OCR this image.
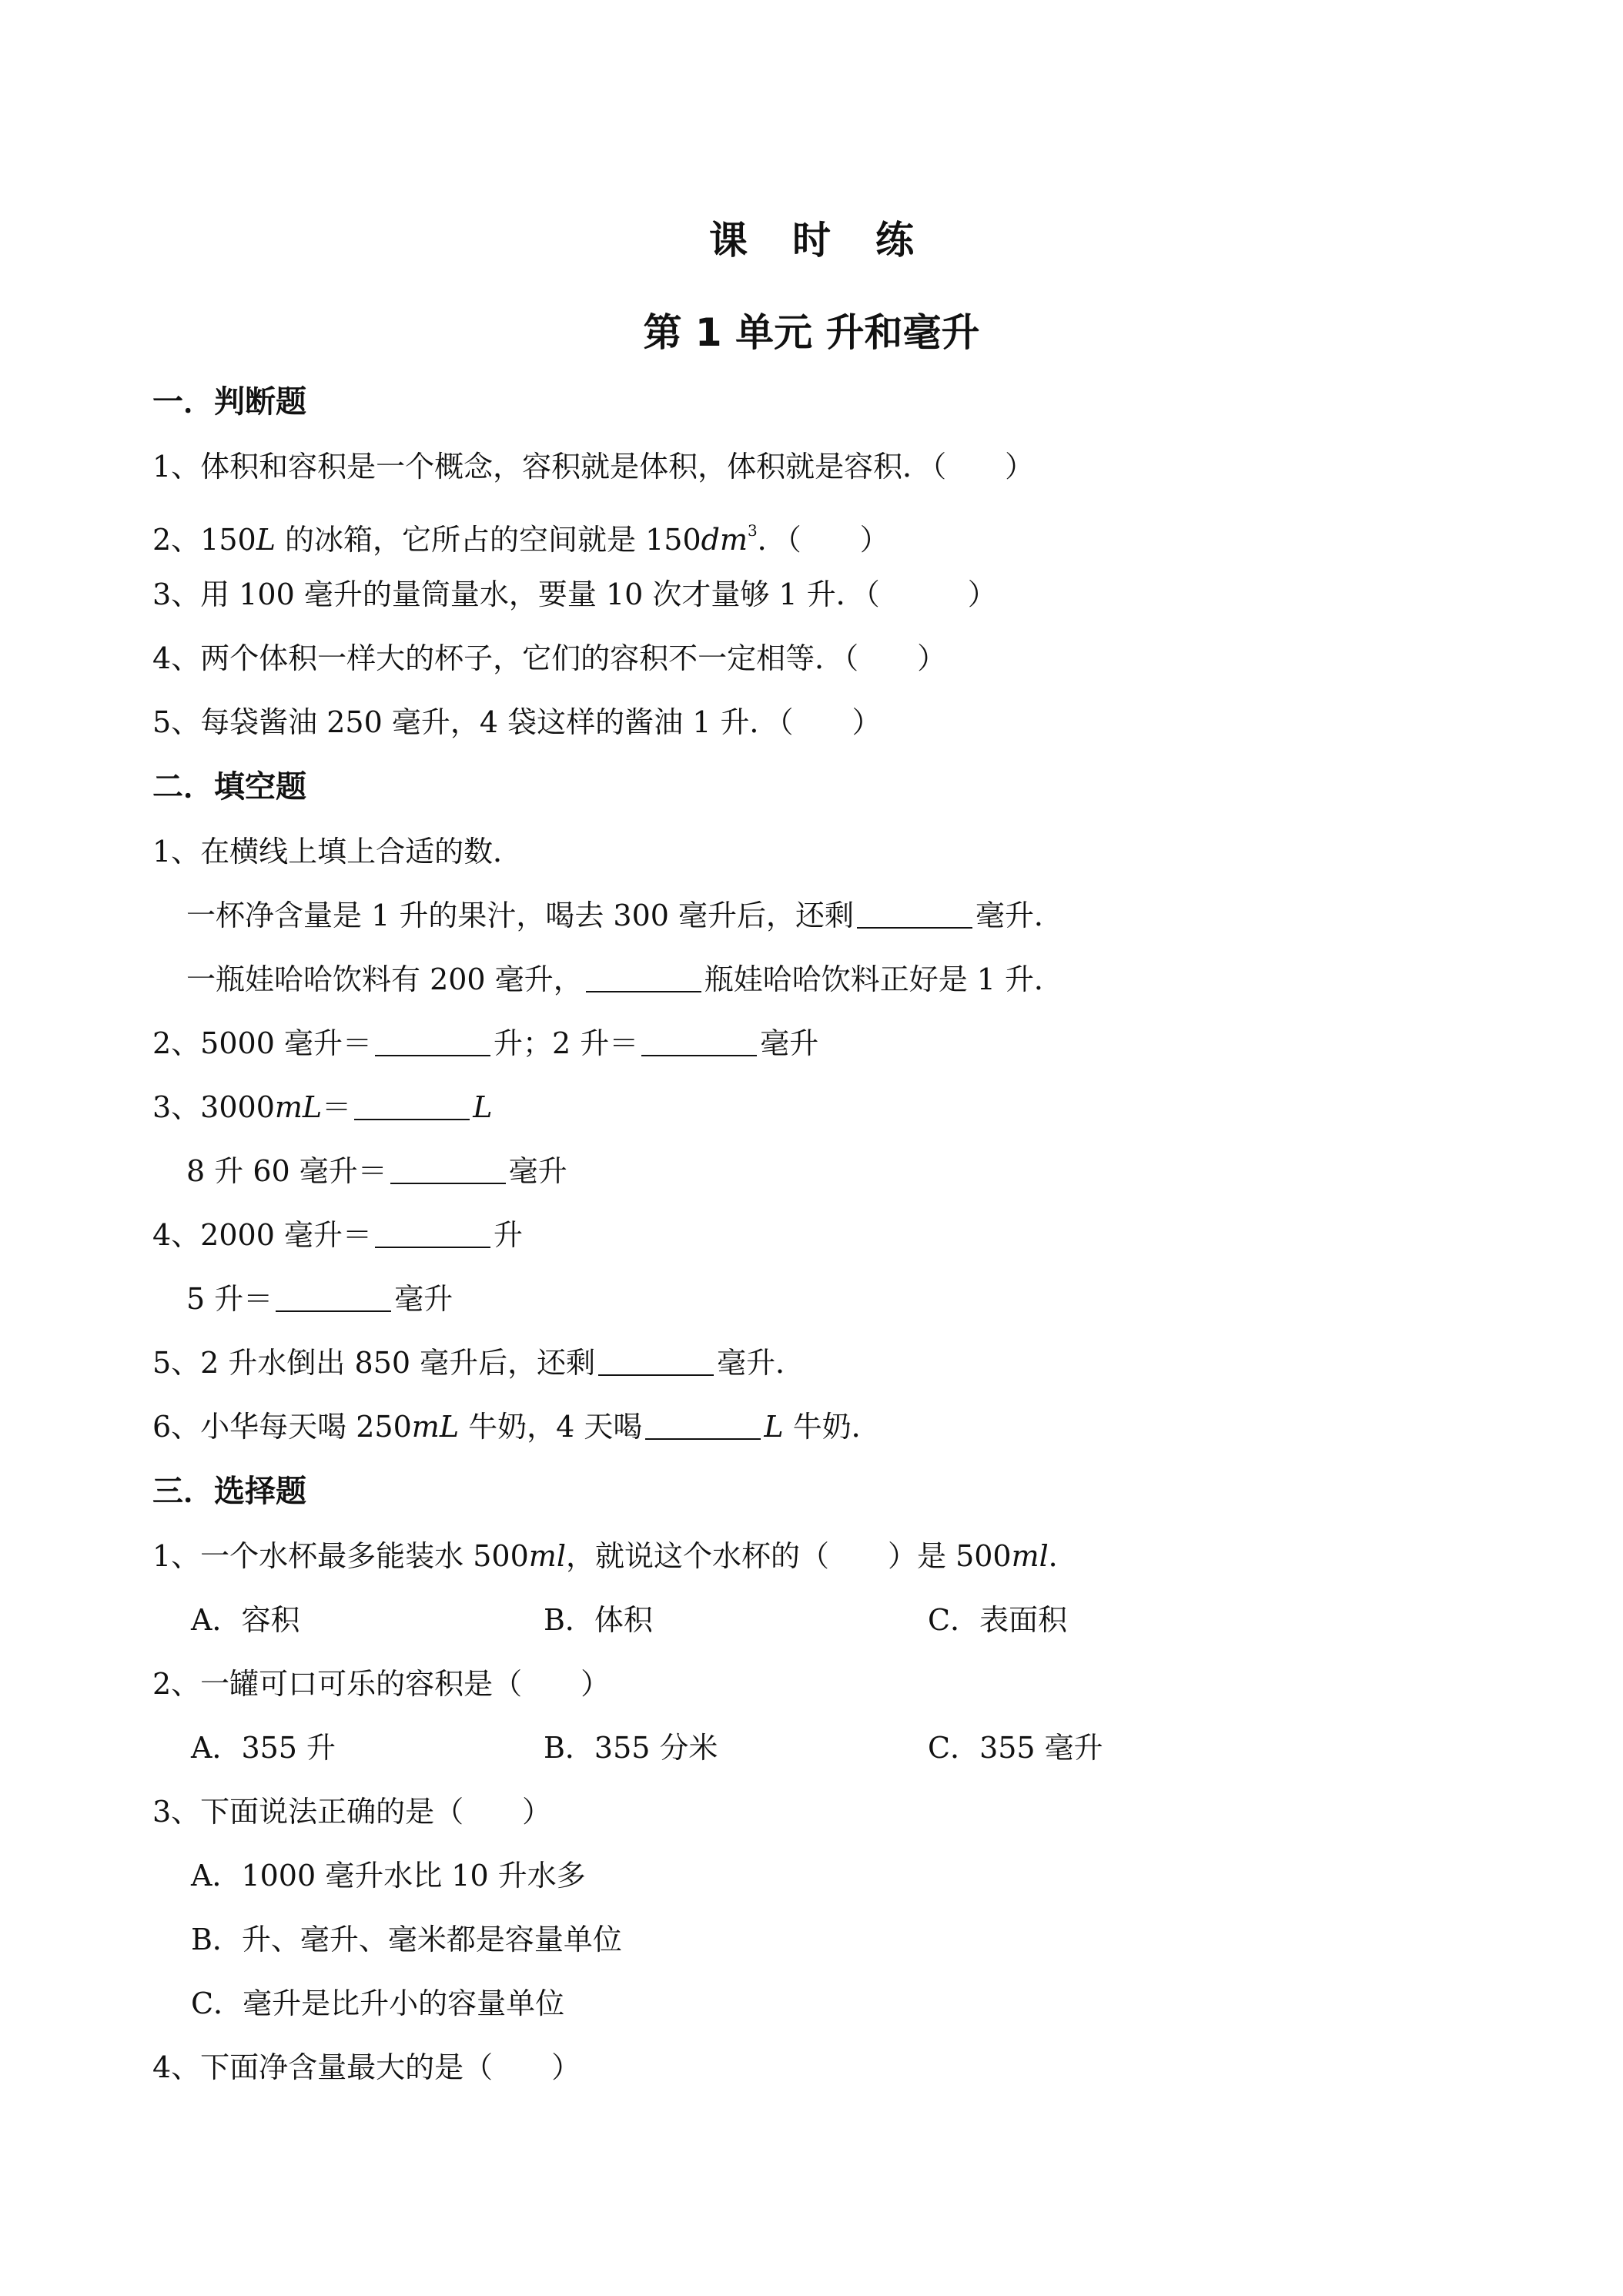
课时练
第 1 单元 升和毫升
一．判断题
1、体积和容积是一个概念，容积就是体积，体积就是容积．（　　）
2、150L 的冰箱，它所占的空间就是 $150dm^3$．（　　）
3、用 100 毫升的量筒量水，要量 10 次才量够 1 升．（　　　）
4、两个体积一样大的杯子，它们的容积不一定相等．（　　）
5、每袋酱油 250 毫升，4 袋这样的酱油 1 升．（　　）
二．填空题
1、在横线上填上合适的数．
一杯净含量是 1 升的果汁，喝去 300 毫升后，还剩	毫升．
一瓶娃哈哈饮料有 200 毫升，	瓶娃哈哈饮料正好是 1 升．
2、5000 毫升＝	升；2 升＝	毫升
3、3000mL＝	L
8 升 60 毫升＝	毫升
4、2000 毫升＝	升
5 升＝	毫升
5、2 升水倒出 850 毫升后，还剩	毫升．
6、小华每天喝 250mL 牛奶，4 天喝	L 牛奶．
三．选择题
1、一个水杯最多能装水 500ml，就说这个水杯的（　　）是 500ml．
A．容积	B．体积	C．表面积
2、一罐可口可乐的容积是（　　）
A．355 升	B．355 分米	C．355 毫升
3、下面说法正确的是（　　）
A．1000 毫升水比 10 升水多
B．升、毫升、毫米都是容量单位
C．毫升是比升小的容量单位
4、下面净含量最大的是（　　）
